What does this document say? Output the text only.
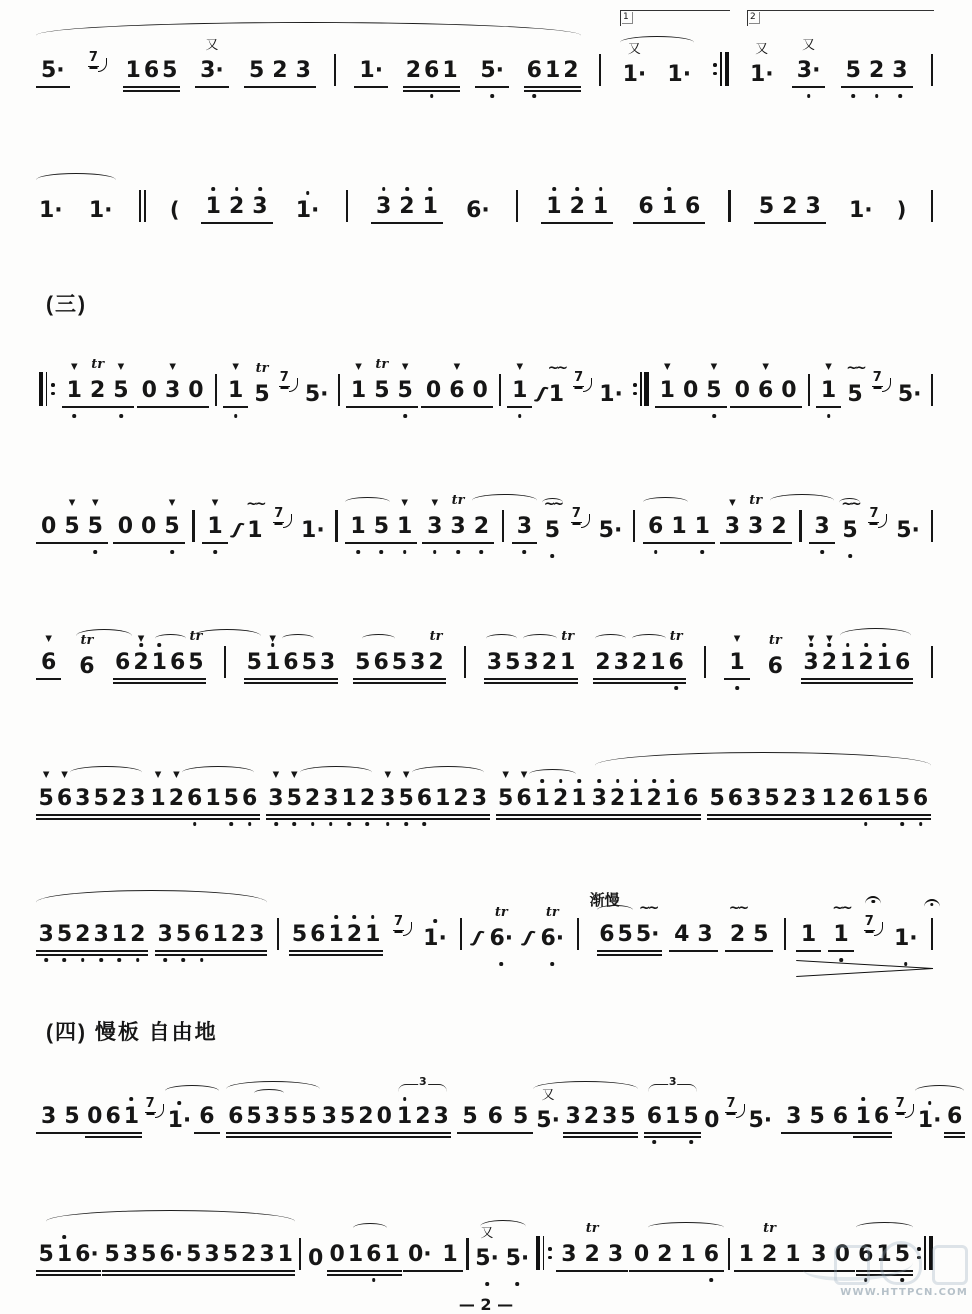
5·
7
1 6 5 3·
又
5 2 3 1· 2 6 1 5· 6 1 2 1·
又
1·	1·
又
3·
又
5 2 3
1	2
1· 1·	( 1 2 3 1·	3 2 1 6·	1 2 1 6 1 6	5 2 3 1· )
(三)
1
▼
2
tr
5
▼
0 3
▼
0 1
▼
5
tr
7
5· 1
▼
5
tr
5
▼
0 6
▼
0 1
▼
ʃ 1
~~
7
1· 1
▼
0 5
▼
0 6
▼
0 1
▼
5
~~
7
5·
0 5
▼
5
▼
0 0 5
▼
1
▼
ʃ 1
~~
7
1· 1 5 1
▼
3
▼
3
tr
2 3 5
~~
7
5· 6 1 1 3
▼
3
tr
2 3 5
~~
7
5·
6
▼
6
tr
6 2
▼
1 6 5
tr
5 1
▼
6 5 3 5 6 5 3 2
tr
3 5 3 2 1
tr
2 3 2 1 6
tr
1
▼
6
tr
3
▼
2
▼
1 2 1 6
5
▼
6
▼
3 5 2 3 1
▼
2
▼
6 1 5 6 3
▼
5
▼
2 3 1 2 3
▼
5
▼
6 1 2 3 5
▼
6
▼
1 2 1 3 2 1 2 1 6 5 6 3 5 2 3 1 2 6 1 5 6
3 5 2 3 1 2 3 5 6 1 2 3 5 6 1 2 1
7
1· ʃ 6·
tr
ʃ 6·
tr
渐慢
6 5 5·
~~
4 3 2
~~
5 1 1
~~
7
1·
(四) 慢板 自由地
3 5 0 6 1
7
1· 6 6 5 3 5 5 3 5 2 0
3
1 2 3 5 6 5 5·
又
3 2 3 5
3
6 1 5 0
7
5· 3 5 6 1 6
7
1· 6
5 1 6· 5 3 5 6· 5 3 5 2 3 1 0 0 1 6 1 0· 1 5·
又
5· 3 2
tr
3 0 2 1 6 1 2
tr
1 3 0 6 1 5
— 2 —

WWW.HTTPCN.COM
